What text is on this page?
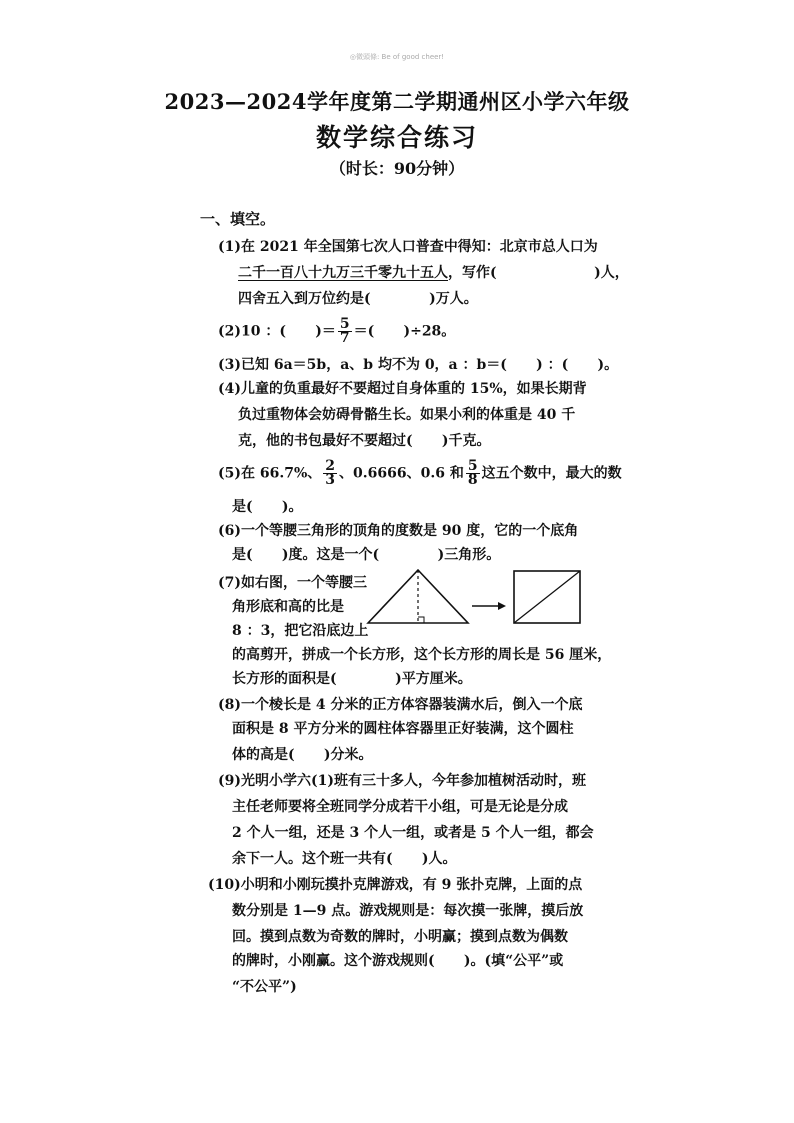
◎微頭條: Be of good cheer!
2023—2024学年度第二学期通州区小学六年级
数学综合练习
（时长：90分钟）
一、填空。
(1)在 2021 年全国第七次人口普查中得知：北京市总人口为
二千一百八十九万三千零九十五人，写作(                    )人，
四舍五入到万位约是(            )万人。
(2)10 ：(      )＝ $\frac{5}{7}$ ＝(      )÷28。
(3)已知 6a＝5b，a、b 均不为 0，a ：b＝(      ) ：(      )。
(4)儿童的负重最好不要超过自身体重的 15%，如果长期背
负过重物体会妨碍骨骼生长。如果小利的体重是 40 千
克，他的书包最好不要超过(      )千克。
(5)在 66.7%、 $\frac{2}{3}$ 、0.6666、0.6 和 $\frac{5}{8}$ 这五个数中，最大的数
是(      )。
(6)一个等腰三角形的顶角的度数是 90 度，它的一个底角
是(      )度。这是一个(            )三角形。
(7)如右图，一个等腰三
角形底和高的比是
8 ：3，把它沿底边上
的高剪开，拼成一个长方形，这个长方形的周长是 56 厘米，
长方形的面积是(            )平方厘米。
(8)一个棱长是 4 分米的正方体容器装满水后，倒入一个底
面积是 8 平方分米的圆柱体容器里正好装满，这个圆柱
体的高是(      )分米。
(9)光明小学六(1)班有三十多人，今年参加植树活动时，班
主任老师要将全班同学分成若干小组，可是无论是分成
2 个人一组，还是 3 个人一组，或者是 5 个人一组，都会
余下一人。这个班一共有(      )人。
(10)小明和小刚玩摸扑克牌游戏，有 9 张扑克牌，上面的点
数分别是 1—9 点。游戏规则是：每次摸一张牌，摸后放
回。摸到点数为奇数的牌时，小明赢；摸到点数为偶数
的牌时，小刚赢。这个游戏规则(      )。(填“公平”或
“不公平”)
